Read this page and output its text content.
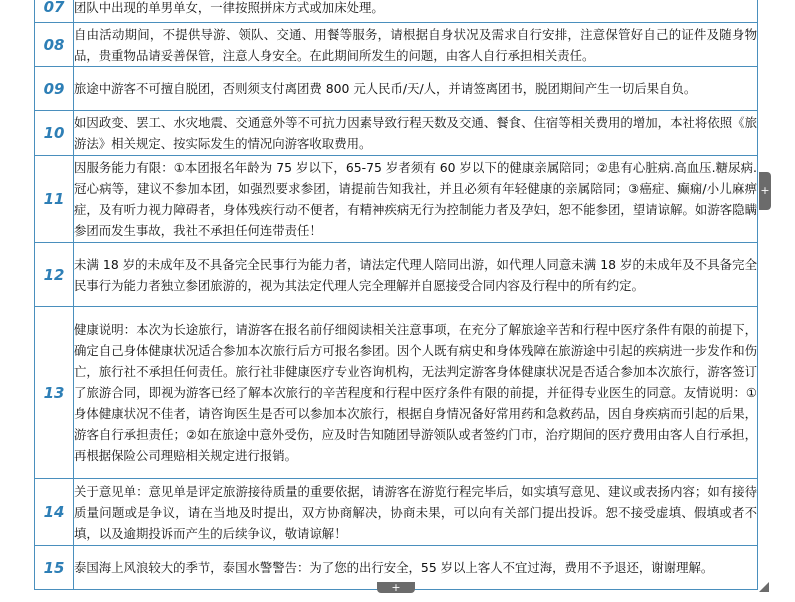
07	团队中出现的单男单女，一律按照拼床方式或加床处理。
08	自由活动期间，不提供导游、领队、交通、用餐等服务，请根据自身状况及需求自行安排，注意保管好自己的证件及随身物品，贵重物品请妥善保管，注意人身安全。在此期间所发生的问题，由客人自行承担相关责任。
09	旅途中游客不可擅自脱团，否则须支付离团费 800 元人民币/天/人，并请签离团书，脱团期间产生一切后果自负。
10	如因政变、罢工、水灾地震、交通意外等不可抗力因素导致行程天数及交通、餐食、住宿等相关费用的增加，本社将依照《旅游法》相关规定、按实际发生的情况向游客收取费用。
11	因服务能力有限：①本团报名年龄为 75 岁以下，65-75 岁者须有 60 岁以下的健康亲属陪同；②患有心脏病.高血压.糖尿病.冠心病等，建议不参加本团，如强烈要求参团，请提前告知我社，并且必须有年轻健康的亲属陪同；③癌症、癫痫/小儿麻痹症，及有听力视力障碍者，身体残疾行动不便者，有精神疾病无行为控制能力者及孕妇，恕不能参团，望请谅解。如游客隐瞒参团而发生事故，我社不承担任何连带责任！
12	未满 18 岁的未成年及不具备完全民事行为能力者，请法定代理人陪同出游，如代理人同意未满 18 岁的未成年及不具备完全民事行为能力者独立参团旅游的，视为其法定代理人完全理解并自愿接受合同内容及行程中的所有约定。
13	健康说明：本次为长途旅行，请游客在报名前仔细阅读相关注意事项，在充分了解旅途辛苦和行程中医疗条件有限的前提下，确定自己身体健康状况适合参加本次旅行后方可报名参团。因个人既有病史和身体残障在旅游途中引起的疾病进一步发作和伤亡，旅行社不承担任何责任。旅行社非健康医疗专业咨询机构，无法判定游客身体健康状况是否适合参加本次旅行，游客签订了旅游合同，即视为游客已经了解本次旅行的辛苦程度和行程中医疗条件有限的前提，并征得专业医生的同意。友情说明：①身体健康状况不佳者，请咨询医生是否可以参加本次旅行，根据自身情况备好常用药和急救药品，因自身疾病而引起的后果，游客自行承担责任；②如在旅途中意外受伤，应及时告知随团导游领队或者签约门市，治疗期间的医疗费用由客人自行承担，再根据保险公司理赔相关规定进行报销。
14	关于意见单：意见单是评定旅游接待质量的重要依据，请游客在游览行程完毕后，如实填写意见、建议或表扬内容；如有接待质量问题或是争议，请在当地及时提出，双方协商解决，协商未果，可以向有关部门提出投诉。恕不接受虚填、假填或者不填，以及逾期投诉而产生的后续争议，敬请谅解！
15	泰国海上风浪较大的季节，泰国水警警告：为了您的出行安全，55 岁以上客人不宜过海，费用不予退还，谢谢理解。
+
+
